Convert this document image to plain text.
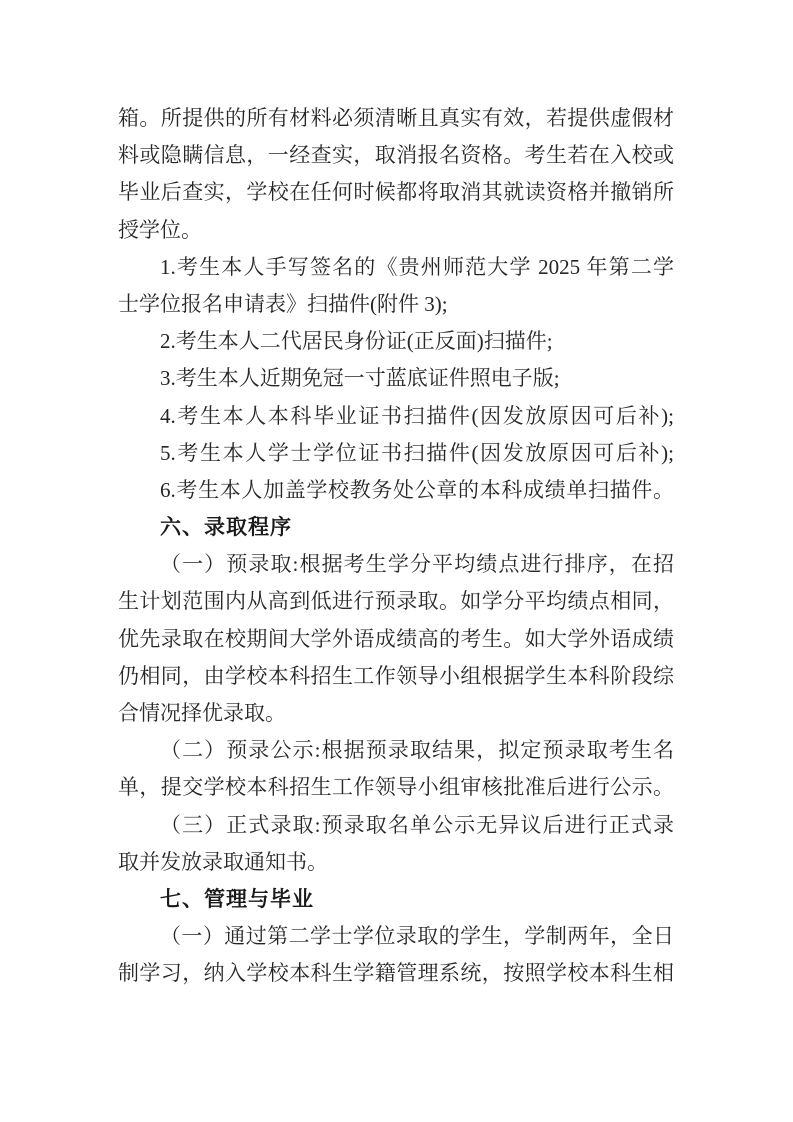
箱。所提供的所有材料必须清晰且真实有效，若提供虚假材
料或隐瞒信息，一经查实，取消报名资格。考生若在入校或
毕业后查实，学校在任何时候都将取消其就读资格并撤销所
授学位。
1.考生本人手写签名的《贵州师范大学 2025 年第二学
士学位报名申请表》扫描件(附件 3);
2.考生本人二代居民身份证(正反面)扫描件;
3.考生本人近期免冠一寸蓝底证件照电子版;
4.考生本人本科毕业证书扫描件(因发放原因可后补);
5.考生本人学士学位证书扫描件(因发放原因可后补);
6.考生本人加盖学校教务处公章的本科成绩单扫描件。
六、录取程序
（一）预录取:根据考生学分平均绩点进行排序，在招
生计划范围内从高到低进行预录取。如学分平均绩点相同，
优先录取在校期间大学外语成绩高的考生。如大学外语成绩
仍相同，由学校本科招生工作领导小组根据学生本科阶段综
合情况择优录取。
（二）预录公示:根据预录取结果，拟定预录取考生名
单，提交学校本科招生工作领导小组审核批准后进行公示。
（三）正式录取:预录取名单公示无异议后进行正式录
取并发放录取通知书。
七、管理与毕业
（一）通过第二学士学位录取的学生，学制两年，全日
制学习，纳入学校本科生学籍管理系统，按照学校本科生相
